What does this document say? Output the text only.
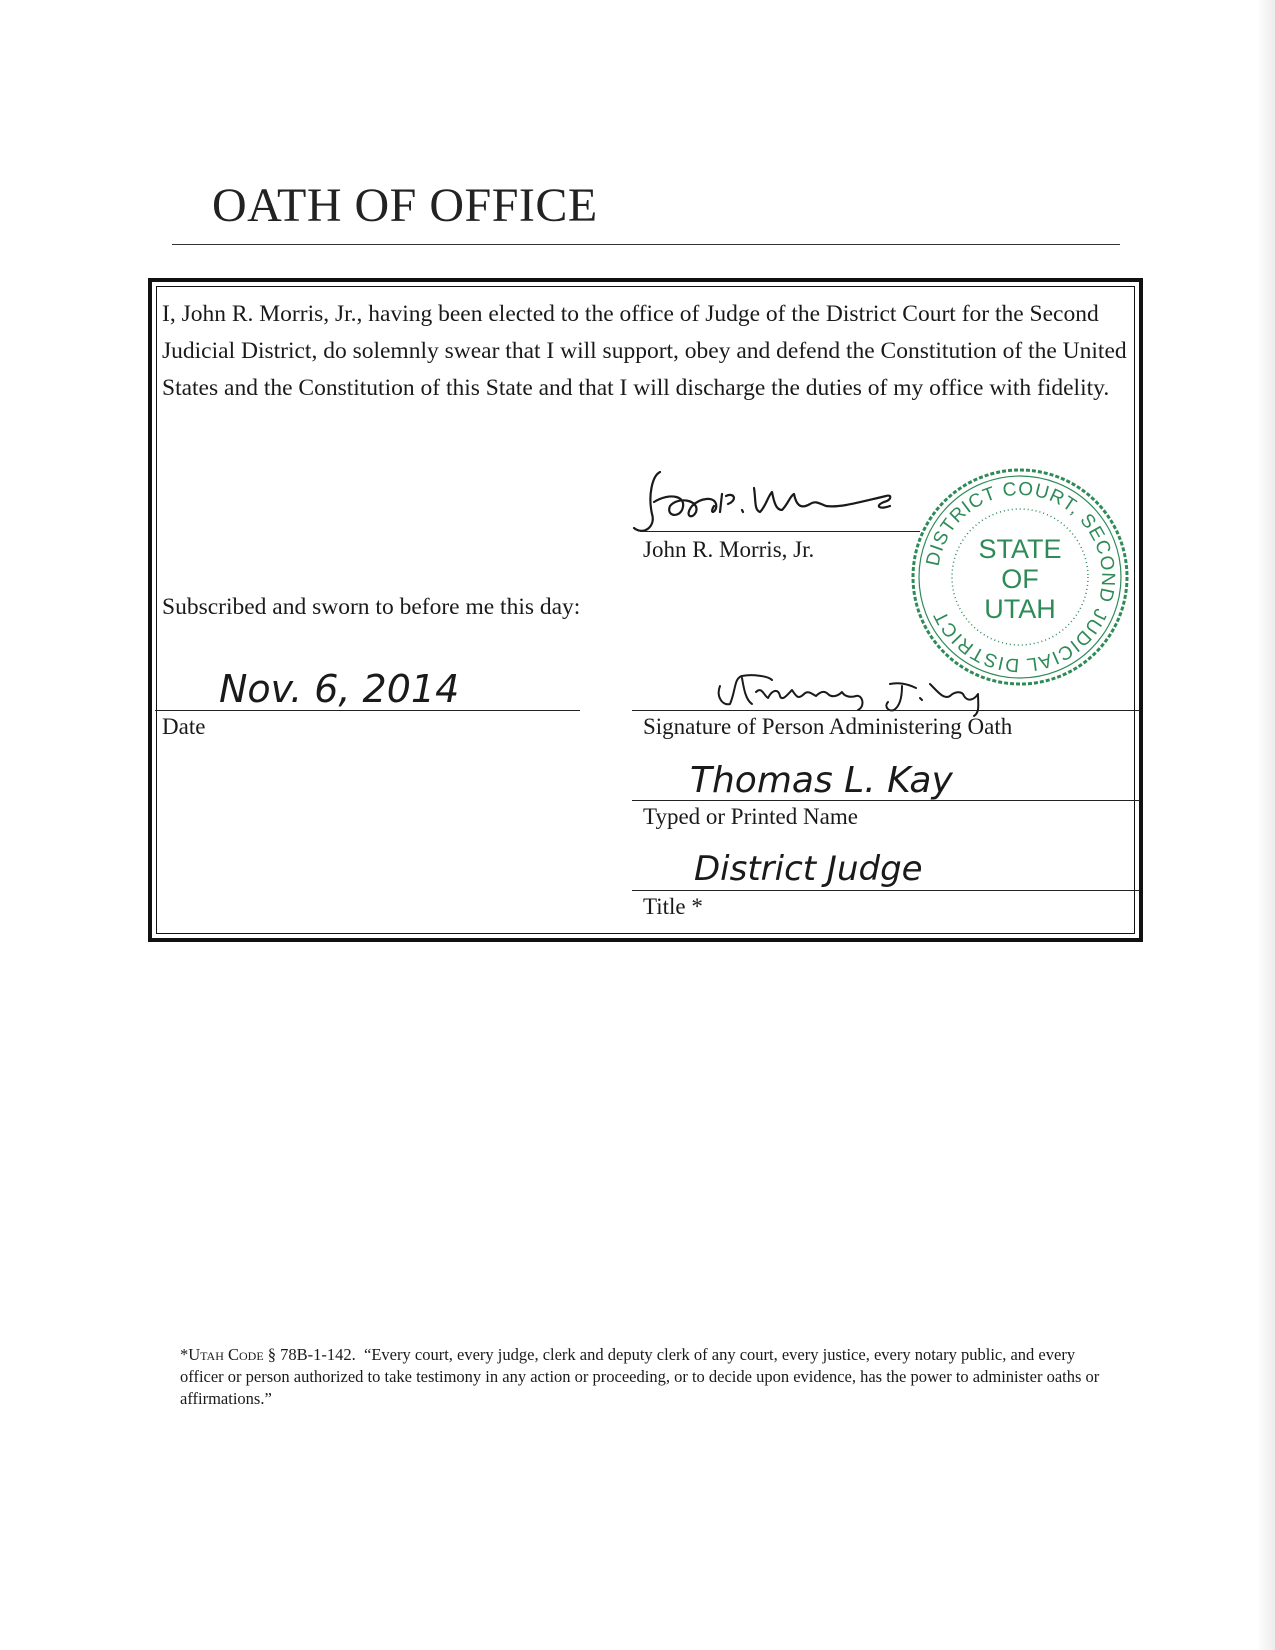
OATH OF OFFICE
I, John R. Morris, Jr., having been elected to the office of Judge of the District Court for the Second Judicial District, do solemnly swear that I will support, obey and defend the Constitution of the United States and the Constitution of this State and that I will discharge the duties of my office with fidelity.
John R. Morris, Jr.	DISTRICT COURT, SECOND JUDICIAL DISTRICT
STATE
OF
UTAH
Subscribed and sworn to before me this day:
Nov. 6, 2014
Date	Signature of Person Administering Oath
Thomas L. Kay
Typed or Printed Name
District Judge
Title *
*Utah Code § 78B-1-142. “Every court, every judge, clerk and deputy clerk of any court, every justice, every notary public, and every officer or person authorized to take testimony in any action or proceeding, or to decide upon evidence, has the power to administer oaths or affirmations.”
